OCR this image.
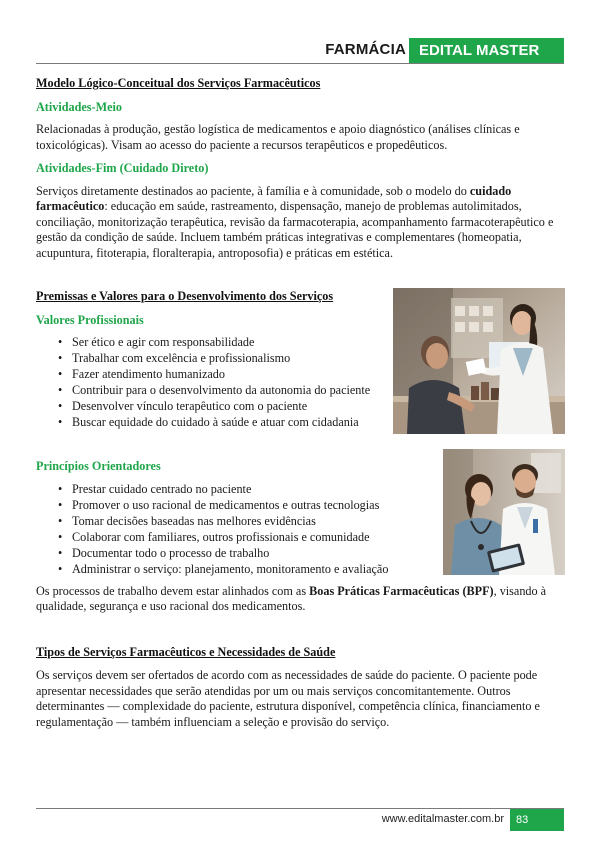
FARMÁCIA EDITAL MASTER
Modelo Lógico-Conceitual dos Serviços Farmacêuticos
Atividades-Meio

Relacionadas à produção, gestão logística de medicamentos e apoio diagnóstico (análises clínicas e toxicológicas). Visam ao acesso do paciente a recursos terapêuticos e propedêuticos.

Atividades-Fim (Cuidado Direto)

Serviços diretamente destinados ao paciente, à família e à comunidade, sob o modelo do cuidado farmacêutico: educação em saúde, rastreamento, dispensação, manejo de problemas autolimitados, conciliação, monitorização terapêutica, revisão da farmacoterapia, acompanhamento farmacoterapêutico e gestão da condição de saúde. Incluem também práticas integrativas e complementares (homeopatia, acupuntura, fitoterapia, floralterapia, antroposofia) e práticas em estética.

Premissas e Valores para o Desenvolvimento dos Serviços
Valores Profissionais
• Ser ético e agir com responsabilidade
• Trabalhar com excelência e profissionalismo
• Fazer atendimento humanizado
• Contribuir para o desenvolvimento da autonomia do paciente
• Desenvolver vínculo terapêutico com o paciente
• Buscar equidade do cuidado à saúde e atuar com cidadania
Princípios Orientadores
• Prestar cuidado centrado no paciente
• Promover o uso racional de medicamentos e outras tecnologias
• Tomar decisões baseadas nas melhores evidências
• Colaborar com familiares, outros profissionais e comunidade
• Documentar todo o processo de trabalho
• Administrar o serviço: planejamento, monitoramento e avaliação

Os processos de trabalho devem estar alinhados com as Boas Práticas Farmacêuticas (BPF), visando à qualidade, segurança e uso racional dos medicamentos.

Tipos de Serviços Farmacêuticos e Necessidades de Saúde

Os serviços devem ser ofertados de acordo com as necessidades de saúde do paciente. O paciente pode apresentar necessidades que serão atendidas por um ou mais serviços concomitantemente. Outros determinantes — complexidade do paciente, estrutura disponível, competência clínica, financiamento e regulamentação — também influenciam a seleção e provisão do serviço.

www.editalmaster.com.br	83
